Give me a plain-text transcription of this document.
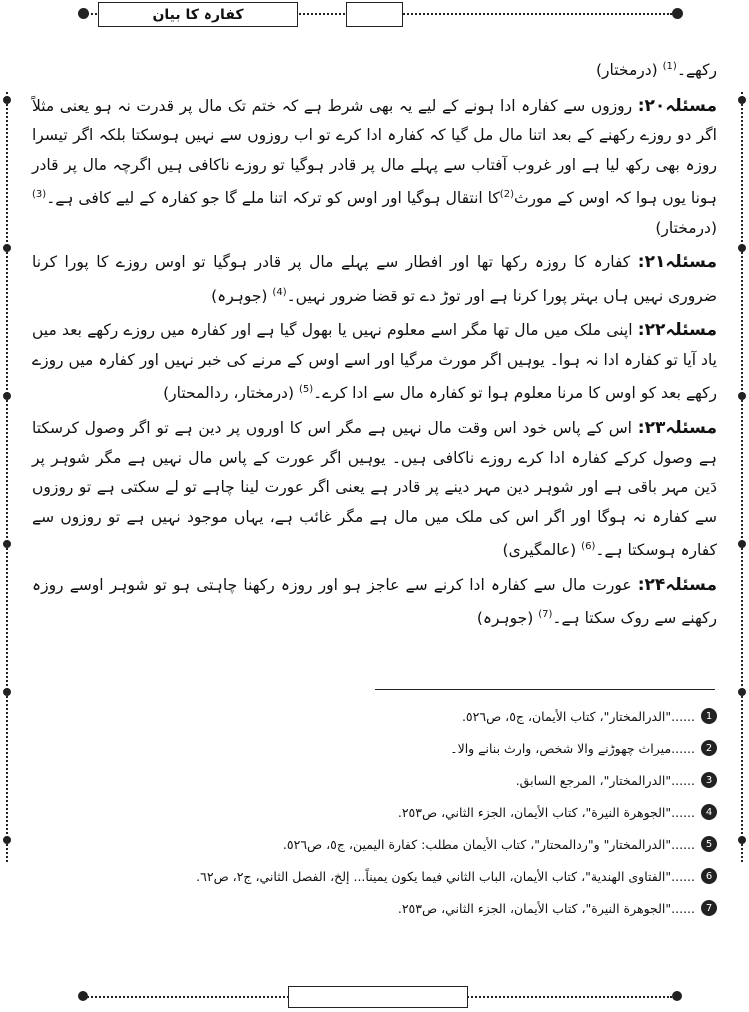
کفارہ کا بیان

رکھے۔$^{(1)}$ (درمختار)

مسئلہ۲۰: روزوں سے کفارہ ادا ہونے کے لیے یہ بھی شرط ہے کہ ختم تک مال پر قدرت نہ ہو یعنی مثلاً اگر دو روزے رکھنے کے بعد اتنا مال مل گیا کہ کفارہ ادا کرے تو اب روزوں سے نہیں ہوسکتا بلکہ اگر تیسرا روزہ بھی رکھ لیا ہے اور غروب آفتاب سے پہلے مال پر قادر ہوگیا تو روزے ناکافی ہیں اگرچہ مال پر قادر ہونا یوں ہوا کہ اوس کے مورث$^{(2)}$کا انتقال ہوگیا اور اوس کو ترکہ اتنا ملے گا جو کفارہ کے لیے کافی ہے۔$^{(3)}$ (درمختار)

مسئلہ۲۱: کفارہ کا روزہ رکھا تھا اور افطار سے پہلے مال پر قادر ہوگیا تو اوس روزے کا پورا کرنا ضروری نہیں ہاں بہتر پورا کرنا ہے اور توڑ دے تو قضا ضرور نہیں۔$^{(4)}$ (جوہرہ)

مسئلہ۲۲: اپنی ملک میں مال تھا مگر اسے معلوم نہیں یا بھول گیا ہے اور کفارہ میں روزے رکھے بعد میں یاد آیا تو کفارہ ادا نہ ہوا۔ یوہیں اگر مورث مرگیا اور اسے اوس کے مرنے کی خبر نہیں اور کفارہ میں روزے رکھے بعد کو اوس کا مرنا معلوم ہوا تو کفارہ مال سے ادا کرے۔$^{(5)}$ (درمختار، ردالمحتار)

مسئلہ۲۳: اس کے پاس خود اس وقت مال نہیں ہے مگر اس کا اوروں پر دین ہے تو اگر وصول کرسکتا ہے وصول کرکے کفارہ ادا کرے روزے ناکافی ہیں۔ یوہیں اگر عورت کے پاس مال نہیں ہے مگر شوہر پر دَین مہر باقی ہے اور شوہر دین مہر دینے پر قادر ہے یعنی اگر عورت لینا چاہے تو لے سکتی ہے تو روزوں سے کفارہ نہ ہوگا اور اگر اس کی ملک میں مال ہے مگر غائب ہے، یہاں موجود نہیں ہے تو روزوں سے کفارہ ہوسکتا ہے۔$^{(6)}$ (عالمگیری)

مسئلہ۲۴: عورت مال سے کفارہ ادا کرنے سے عاجز ہو اور روزہ رکھنا چاہتی ہو تو شوہر اوسے روزہ رکھنے سے روک سکتا ہے۔$^{(7)}$ (جوہرہ)

1
......"الدرالمختار"، كتاب الأيمان، ج٥، ص٥٢٦.
2
......میراث چھوڑنے والا شخص، وارث بنانے والا۔
3
......"الدرالمختار"، المرجع السابق.
4
......"الجوهرة النيرة"، كتاب الأيمان، الجزء الثاني، ص٢٥٣.
5
......"الدرالمختار" و"ردالمحتار"، كتاب الأيمان مطلب: كفارة اليمين، ج٥، ص٥٢٦.
6
......"الفتاوى الهندية"، كتاب الأيمان، الباب الثاني فيما يكون يميناً... إلخ، الفصل الثاني، ج٢، ص٦٢.
7
......"الجوهرة النيرة"، كتاب الأيمان، الجزء الثاني، ص٢٥٣.
